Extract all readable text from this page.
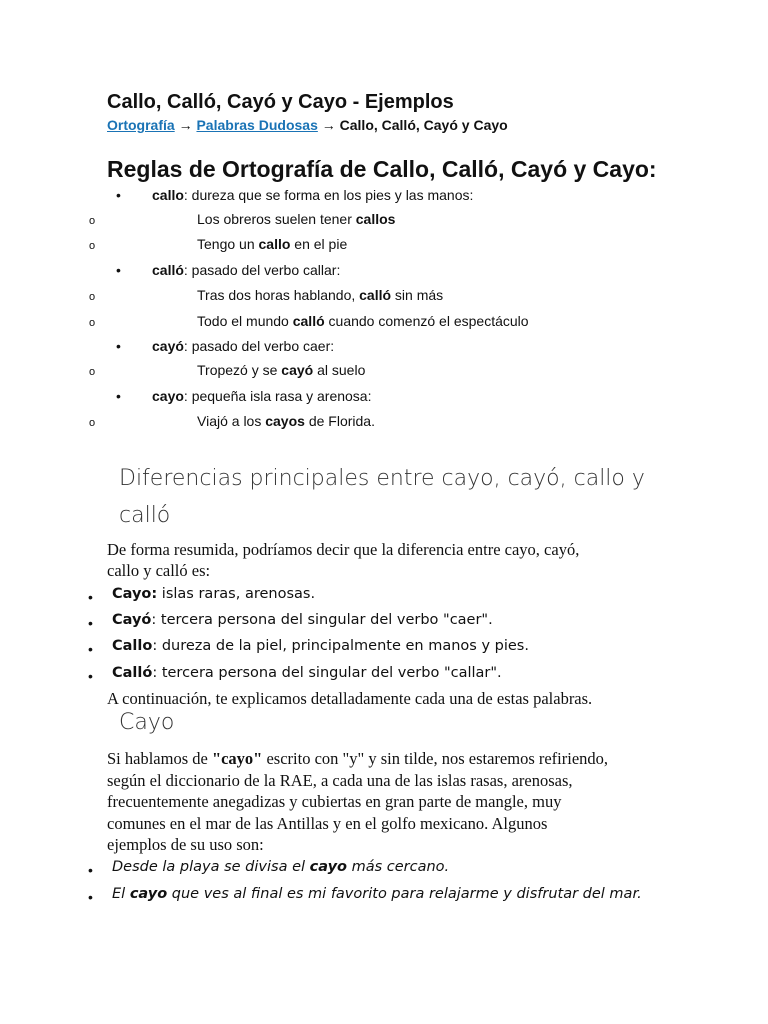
Callo, Calló, Cayó y Cayo - Ejemplos
Ortografía → Palabras Dudosas → Callo, Calló, Cayó y Cayo
Reglas de Ortografía de Callo, Calló, Cayó y Cayo:
• callo: dureza que se forma en los pies y las manos:
o	Los obreros suelen tener callos
o	Tengo un callo en el pie
• calló: pasado del verbo callar:
o	Tras dos horas hablando, calló sin más
o	Todo el mundo calló cuando comenzó el espectáculo
• cayó: pasado del verbo caer:
o	Tropezó y se cayó al suelo
• cayo: pequeña isla rasa y arenosa:
o	Viajó a los cayos de Florida.
Diferencias principales entre cayo, cayó, callo y
calló
De forma resumida, podríamos decir que la diferencia entre cayo, cayó,
callo y calló es:
• Cayo: islas raras, arenosas.
• Cayó: tercera persona del singular del verbo "caer".
• Callo: dureza de la piel, principalmente en manos y pies.
• Calló: tercera persona del singular del verbo "callar".
A continuación, te explicamos detalladamente cada una de estas palabras.
Cayo
Si hablamos de "cayo" escrito con "y" y sin tilde, nos estaremos refiriendo,
según el diccionario de la RAE, a cada una de las islas rasas, arenosas,
frecuentemente anegadizas y cubiertas en gran parte de mangle, muy
comunes en el mar de las Antillas y en el golfo mexicano. Algunos
ejemplos de su uso son:
• Desde la playa se divisa el cayo más cercano.
• El cayo que ves al final es mi favorito para relajarme y disfrutar del mar.
